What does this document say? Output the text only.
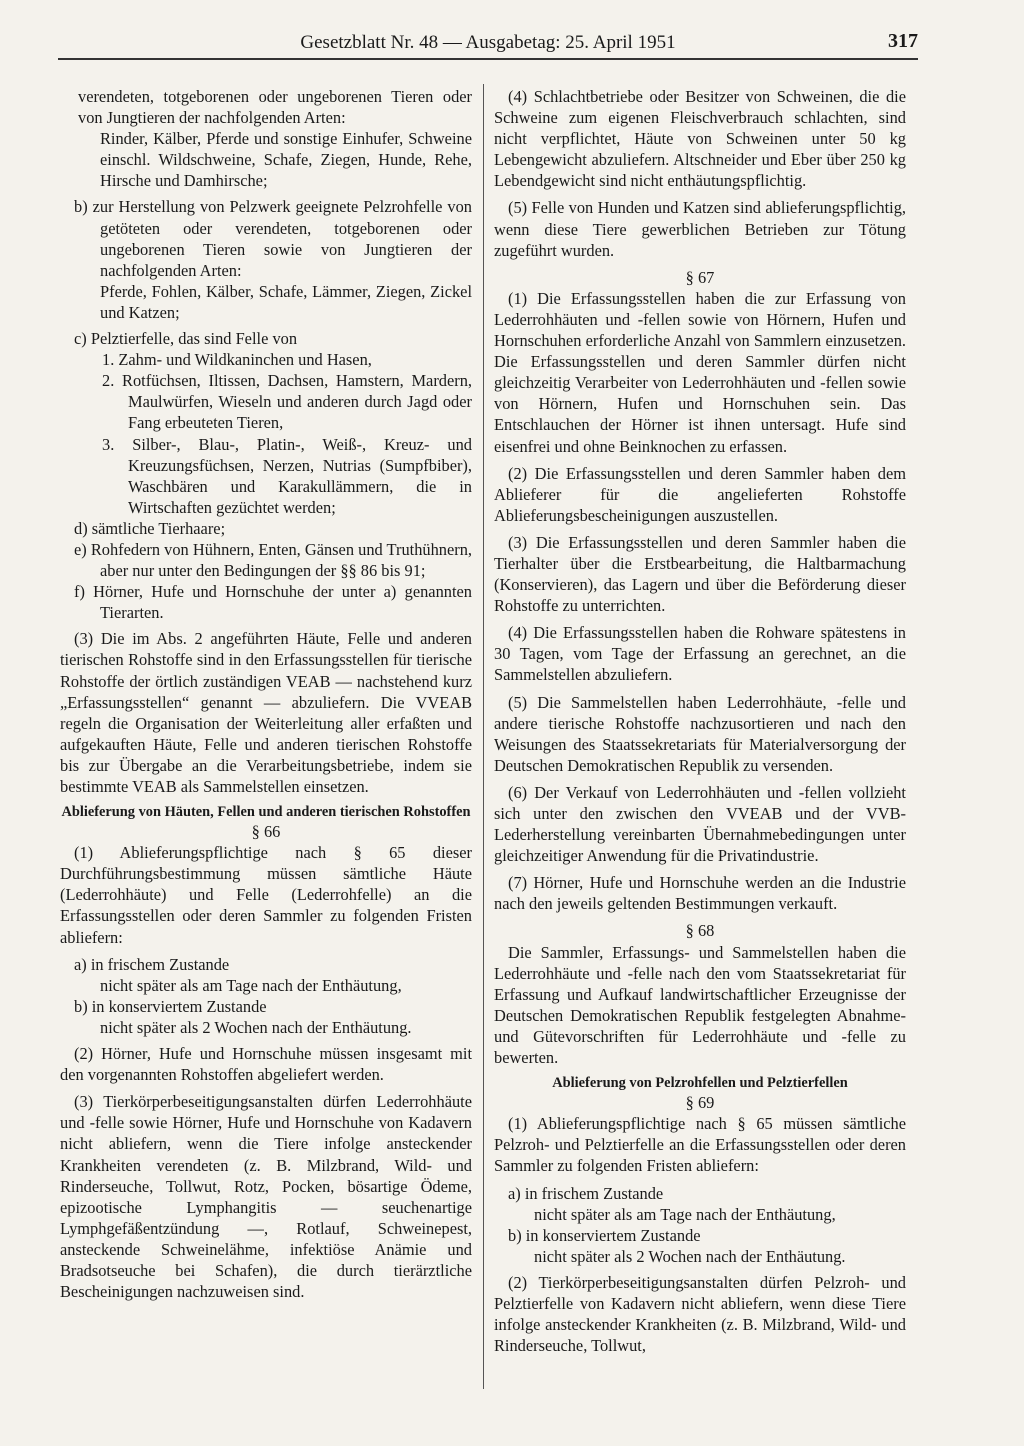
Gesetzblatt Nr. 48 — Ausgabetag: 25. April 1951	317

verendeten, totgeborenen oder ungeborenen Tieren oder von Jungtieren der nachfolgenden Arten:

Rinder, Kälber, Pferde und sonstige Einhufer, Schweine einschl. Wildschweine, Schafe, Ziegen, Hunde, Rehe, Hirsche und Damhirsche;

b) zur Herstellung von Pelzwerk geeignete Pelzrohfelle von getöteten oder verendeten, totgeborenen oder ungeborenen Tieren sowie von Jungtieren der nachfolgenden Arten:

Pferde, Fohlen, Kälber, Schafe, Lämmer, Ziegen, Zickel und Katzen;

c) Pelztierfelle, das sind Felle von

1. Zahm- und Wildkaninchen und Hasen,

2. Rotfüchsen, Iltissen, Dachsen, Hamstern, Mardern, Maulwürfen, Wieseln und anderen durch Jagd oder Fang erbeuteten Tieren,

3. Silber-, Blau-, Platin-, Weiß-, Kreuz- und Kreuzungsfüchsen, Nerzen, Nutrias (Sumpfbiber), Waschbären und Karakullämmern, die in Wirtschaften gezüchtet werden;

d) sämtliche Tierhaare;

e) Rohfedern von Hühnern, Enten, Gänsen und Truthühnern, aber nur unter den Bedingungen der §§ 86 bis 91;

f) Hörner, Hufe und Hornschuhe der unter a) genannten Tierarten.

(3) Die im Abs. 2 angeführten Häute, Felle und anderen tierischen Rohstoffe sind in den Erfassungsstellen für tierische Rohstoffe der örtlich zuständigen VEAB — nachstehend kurz „Erfassungsstellen“ genannt — abzuliefern. Die VVEAB regeln die Organisation der Weiterleitung aller erfaßten und aufgekauften Häute, Felle und anderen tierischen Rohstoffe bis zur Übergabe an die Verarbeitungsbetriebe, indem sie bestimmte VEAB als Sammelstellen einsetzen.

Ablieferung von Häuten, Fellen und anderen tierischen Rohstoffen

§ 66

(1) Ablieferungspflichtige nach § 65 dieser Durchführungsbestimmung müssen sämtliche Häute (Lederrohhäute) und Felle (Lederrohfelle) an die Erfassungsstellen oder deren Sammler zu folgenden Fristen abliefern:

a) in frischem Zustande

nicht später als am Tage nach der Enthäutung,

b) in konserviertem Zustande

nicht später als 2 Wochen nach der Enthäutung.

(2) Hörner, Hufe und Hornschuhe müssen insgesamt mit den vorgenannten Rohstoffen abgeliefert werden.

(3) Tierkörperbeseitigungsanstalten dürfen Lederrohhäute und -felle sowie Hörner, Hufe und Hornschuhe von Kadavern nicht abliefern, wenn die Tiere infolge ansteckender Krankheiten verendeten (z. B. Milzbrand, Wild- und Rinderseuche, Tollwut, Rotz, Pocken, bösartige Ödeme, epizootische Lymphangitis — seuchenartige Lymphgefäßentzündung —, Rotlauf, Schweinepest, ansteckende Schweinelähme, infektiöse Anämie und Bradsotseuche bei Schafen), die durch tierärztliche Bescheinigungen nachzuweisen sind.

(4) Schlachtbetriebe oder Besitzer von Schweinen, die die Schweine zum eigenen Fleischverbrauch schlachten, sind nicht verpflichtet, Häute von Schweinen unter 50 kg Lebengewicht abzuliefern. Altschneider und Eber über 250 kg Lebendgewicht sind nicht enthäutungspflichtig.

(5) Felle von Hunden und Katzen sind ablieferungspflichtig, wenn diese Tiere gewerblichen Betrieben zur Tötung zugeführt wurden.

§ 67

(1) Die Erfassungsstellen haben die zur Erfassung von Lederrohhäuten und -fellen sowie von Hörnern, Hufen und Hornschuhen erforderliche Anzahl von Sammlern einzusetzen. Die Erfassungsstellen und deren Sammler dürfen nicht gleichzeitig Verarbeiter von Lederrohhäuten und -fellen sowie von Hörnern, Hufen und Hornschuhen sein. Das Entschlauchen der Hörner ist ihnen untersagt. Hufe sind eisenfrei und ohne Beinknochen zu erfassen.

(2) Die Erfassungsstellen und deren Sammler haben dem Ablieferer für die angelieferten Rohstoffe Ablieferungsbescheinigungen auszustellen.

(3) Die Erfassungsstellen und deren Sammler haben die Tierhalter über die Erstbearbeitung, die Haltbarmachung (Konservieren), das Lagern und über die Beförderung dieser Rohstoffe zu unterrichten.

(4) Die Erfassungsstellen haben die Rohware spätestens in 30 Tagen, vom Tage der Erfassung an gerechnet, an die Sammelstellen abzuliefern.

(5) Die Sammelstellen haben Lederrohhäute, -felle und andere tierische Rohstoffe nachzusortieren und nach den Weisungen des Staatssekretariats für Materialversorgung der Deutschen Demokratischen Republik zu versenden.

(6) Der Verkauf von Lederrohhäuten und -fellen vollzieht sich unter den zwischen den VVEAB und der VVB-Lederherstellung vereinbarten Übernahmebedingungen unter gleichzeitiger Anwendung für die Privatindustrie.

(7) Hörner, Hufe und Hornschuhe werden an die Industrie nach den jeweils geltenden Bestimmungen verkauft.

§ 68

Die Sammler, Erfassungs- und Sammelstellen haben die Lederrohhäute und -felle nach den vom Staatssekretariat für Erfassung und Aufkauf landwirtschaftlicher Erzeugnisse der Deutschen Demokratischen Republik festgelegten Abnahme- und Gütevorschriften für Lederrohhäute und -felle zu bewerten.

Ablieferung von Pelzrohfellen und Pelztierfellen

§ 69

(1) Ablieferungspflichtige nach § 65 müssen sämtliche Pelzroh- und Pelztierfelle an die Erfassungsstellen oder deren Sammler zu folgenden Fristen abliefern:

a) in frischem Zustande

nicht später als am Tage nach der Enthäutung,

b) in konserviertem Zustande

nicht später als 2 Wochen nach der Enthäutung.

(2) Tierkörperbeseitigungsanstalten dürfen Pelzroh- und Pelztierfelle von Kadavern nicht abliefern, wenn diese Tiere infolge ansteckender Krankheiten (z. B. Milzbrand, Wild- und Rinderseuche, Tollwut,
